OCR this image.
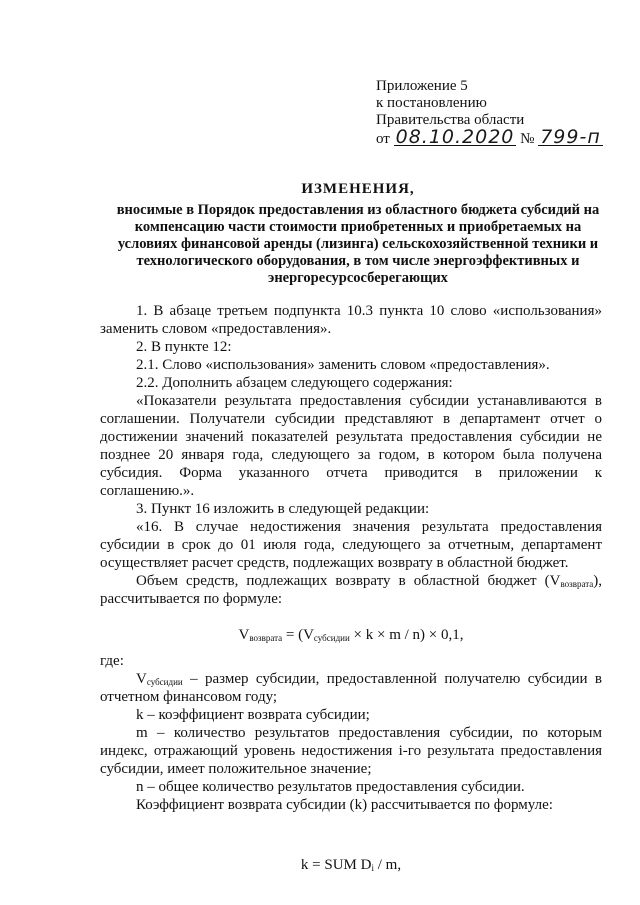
Приложение 5
к постановлению
Правительства области
от 08.10.2020 № 799-п
ИЗМЕНЕНИЯ,
вносимые в Порядок предоставления из областного бюджета субсидий на компенсацию части стоимости приобретенных и приобретаемых на условиях финансовой аренды (лизинга) сельскохозяйственной техники и технологического оборудования, в том числе энергоэффективных и энергоресурсосберегающих

1. В абзаце третьем подпункта 10.3 пункта 10 слово «использования» заменить словом «предоставления».

2. В пункте 12:

2.1. Слово «использования» заменить словом «предоставления».

2.2. Дополнить абзацем следующего содержания:

«Показатели результата предоставления субсидии устанавливаются в соглашении. Получатели субсидии представляют в департамент отчет о достижении значений показателей результата предоставления субсидии не позднее 20 января года, следующего за годом, в котором была получена субсидия. Форма указанного отчета приводится в приложении к соглашению.».

3. Пункт 16 изложить в следующей редакции:

«16. В случае недостижения значения результата предоставления субсидии в срок до 01 июля года, следующего за отчетным, департамент осуществляет расчет средств, подлежащих возврату в областной бюджет.

Объем средств, подлежащих возврату в областной бюджет $(V_{возврата})$, рассчитывается по формуле:

$V_{возврата} = (V_{субсидии} \times k \times m / n) \times 0,1$,

где:

$V_{субсидии}$ – размер субсидии, предоставленной получателю субсидии в отчетном финансовом году;

k – коэффициент возврата субсидии;

m – количество результатов предоставления субсидии, по которым индекс, отражающий уровень недостижения i-го результата предоставления субсидии, имеет положительное значение;

n – общее количество результатов предоставления субсидии.

Коэффициент возврата субсидии (k) рассчитывается по формуле:

k = SUM $D_i$ / m,
